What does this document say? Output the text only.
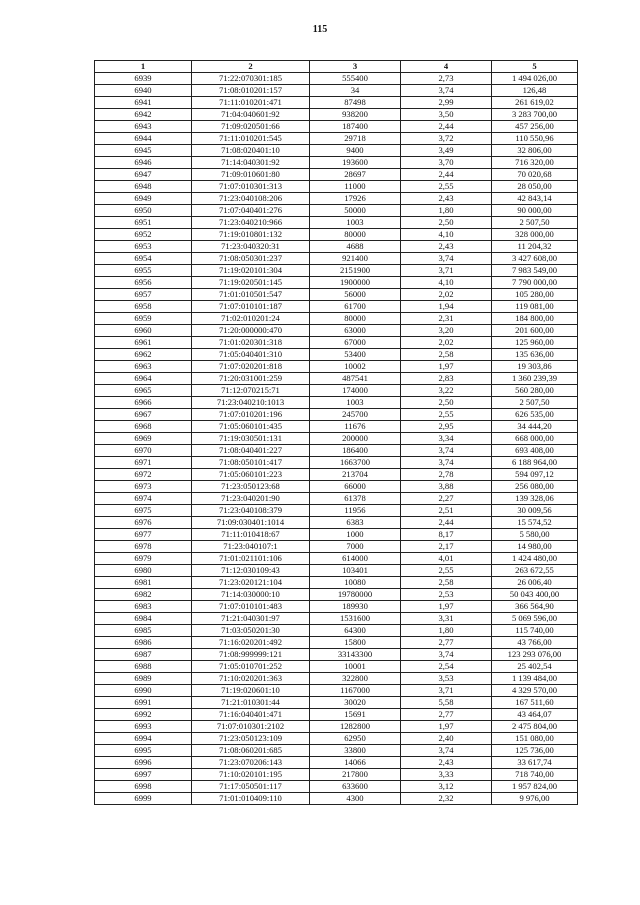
115
1	2	3	4	5
6939	71:22:070301:185	555400	2,73	1 494 026,00
6940	71:08:010201:157	34	3,74	126,48
6941	71:11:010201:471	87498	2,99	261 619,02
6942	71:04:040601:92	938200	3,50	3 283 700,00
6943	71:09:020501:66	187400	2,44	457 256,00
6944	71:11:010201:545	29718	3,72	110 550,96
6945	71:08:020401:10	9400	3,49	32 806,00
6946	71:14:040301:92	193600	3,70	716 320,00
6947	71:09:010601:80	28697	2,44	70 020,68
6948	71:07:010301:313	11000	2,55	28 050,00
6949	71:23:040108:206	17926	2,43	42 843,14
6950	71:07:040401:276	50000	1,80	90 000,00
6951	71:23:040210:966	1003	2,50	2 507,50
6952	71:19:010801:132	80000	4,10	328 000,00
6953	71:23:040320:31	4688	2,43	11 204,32
6954	71:08:050301:237	921400	3,74	3 427 608,00
6955	71:19:020101:304	2151900	3,71	7 983 549,00
6956	71:19:020501:145	1900000	4,10	7 790 000,00
6957	71:01:010501:547	56000	2,02	105 280,00
6958	71:07:010101:187	61700	1,94	119 081,00
6959	71:02:010201:24	80000	2,31	184 800,00
6960	71:20:000000:470	63000	3,20	201 600,00
6961	71:01:020301:318	67000	2,02	125 960,00
6962	71:05:040401:310	53400	2,58	135 636,00
6963	71:07:020201:818	10002	1,97	19 303,86
6964	71:20:031001:259	487541	2,83	1 360 239,39
6965	71:12:070215:71	174000	3,22	560 280,00
6966	71:23:040210:1013	1003	2,50	2 507,50
6967	71:07:010201:196	245700	2,55	626 535,00
6968	71:05:060101:435	11676	2,95	34 444,20
6969	71:19:030501:131	200000	3,34	668 000,00
6970	71:08:040401:227	186400	3,74	693 408,00
6971	71:08:050101:417	1663700	3,74	6 188 964,00
6972	71:05:060101:223	213704	2,78	594 097,12
6973	71:23:050123:68	66000	3,88	256 080,00
6974	71:23:040201:90	61378	2,27	139 328,06
6975	71:23:040108:379	11956	2,51	30 009,56
6976	71:09:030401:1014	6383	2,44	15 574,52
6977	71:11:010418:67	1000	8,17	5 580,00
6978	71:23:040107:1	7000	2,17	14 980,00
6979	71:01:021101:106	614000	4,01	1 424 480,00
6980	71:12:030109:43	103401	2,55	263 672,55
6981	71:23:020121:104	10080	2,58	26 006,40
6982	71:14:030000:10	19780000	2,53	50 043 400,00
6983	71:07:010101:483	189930	1,97	366 564,90
6984	71:21:040301:97	1531600	3,31	5 069 596,00
6985	71:03:050201:30	64300	1,80	115 740,00
6986	71:16:020201:492	15800	2,77	43 766,00
6987	71:08:999999:121	33143300	3,74	123 293 076,00
6988	71:05:010701:252	10001	2,54	25 402,54
6989	71:10:020201:363	322800	3,53	1 139 484,00
6990	71:19:020601:10	1167000	3,71	4 329 570,00
6991	71:21:010301:44	30020	5,58	167 511,60
6992	71:16:040401:471	15691	2,77	43 464,07
6993	71:07:010301:2102	1282800	1,97	2 475 804,00
6994	71:23:050123:109	62950	2,40	151 080,00
6995	71:08:060201:685	33800	3,74	125 736,00
6996	71:23:070206:143	14066	2,43	33 617,74
6997	71:10:020101:195	217800	3,33	718 740,00
6998	71:17:050501:117	633600	3,12	1 957 824,00
6999	71:01:010409:110	4300	2,32	9 976,00
